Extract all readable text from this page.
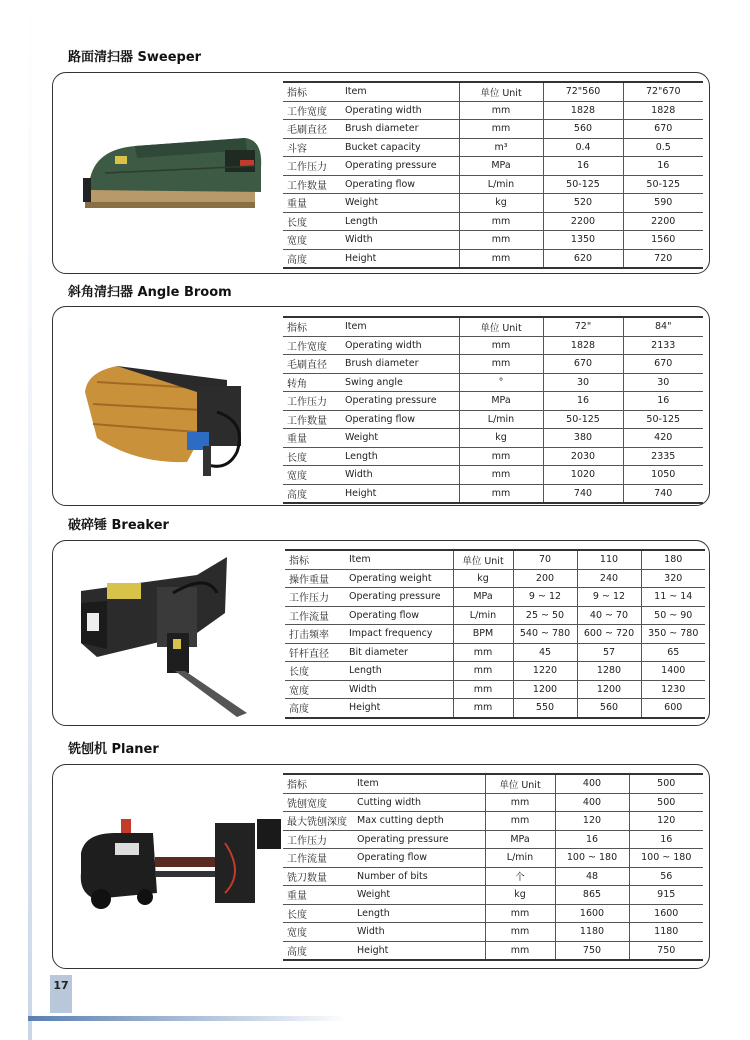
路面清扫器 Sweeper
指标	Item	单位 Unit	72"560	72"670
工作宽度	Operating width	mm	1828	1828
毛刷直径	Brush diameter	mm	560	670
斗容	Bucket capacity	m³	0.4	0.5
工作压力	Operating pressure	MPa	16	16
工作数量	Operating flow	L/min	50-125	50-125
重量	Weight	kg	520	590
长度	Length	mm	2200	2200
宽度	Width	mm	1350	1560
高度	Height	mm	620	720
斜角清扫器 Angle Broom
指标	Item	单位 Unit	72"	84"
工作宽度	Operating width	mm	1828	2133
毛刷直径	Brush diameter	mm	670	670
转角	Swing angle	°	30	30
工作压力	Operating pressure	MPa	16	16
工作数量	Operating flow	L/min	50-125	50-125
重量	Weight	kg	380	420
长度	Length	mm	2030	2335
宽度	Width	mm	1020	1050
高度	Height	mm	740	740
破碎锤 Breaker
指标	Item	单位 Unit	70	110	180
操作重量	Operating weight	kg	200	240	320
工作压力	Operating pressure	MPa	9 ~ 12	9 ~ 12	11 ~ 14
工作流量	Operating flow	L/min	25 ~ 50	40 ~ 70	50 ~ 90
打击频率	Impact frequency	BPM	540 ~ 780	600 ~ 720	350 ~ 780
钎杆直径	Bit diameter	mm	45	57	65
长度	Length	mm	1220	1280	1400
宽度	Width	mm	1200	1200	1230
高度	Height	mm	550	560	600
铣刨机 Planer
指标	Item	单位 Unit	400	500
铣刨宽度	Cutting width	mm	400	500
最大铣刨深度	Max cutting depth	mm	120	120
工作压力	Operating pressure	MPa	16	16
工作流量	Operating flow	L/min	100 ~ 180	100 ~ 180
铣刀数量	Number of bits	个	48	56
重量	Weight	kg	865	915
长度	Length	mm	1600	1600
宽度	Width	mm	1180	1180
高度	Height	mm	750	750
17
